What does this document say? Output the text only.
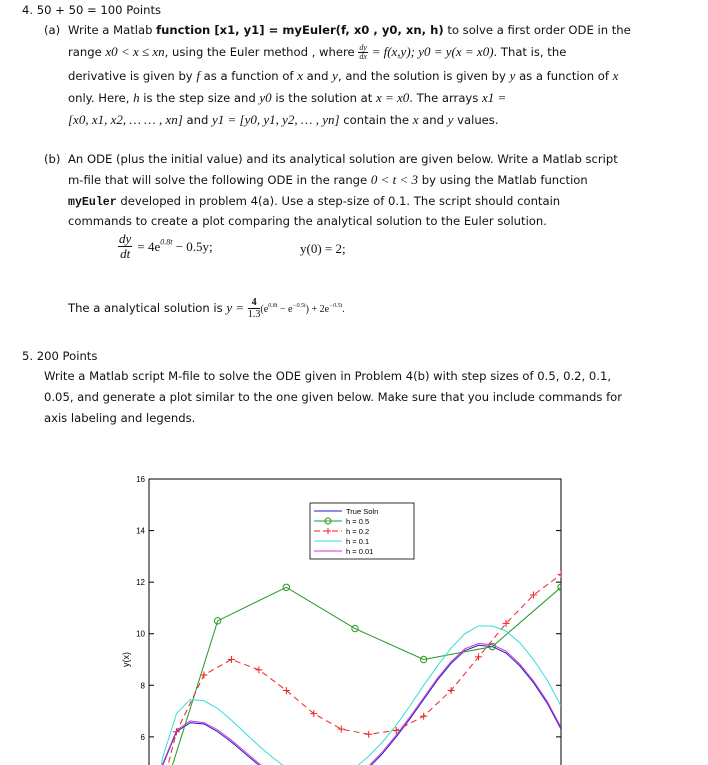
4. 50 + 50 = 100 Points
(a) Write a Matlab function [x1, y1] = myEuler(f, x0 , y0, xn, h) to solve a first order ODE in the
range x0 < x ≤ xn, using the Euler method , where $\frac{dy}{dx} = f(x,y)$; y0 = y(x = x0). That is, the
derivative is given by f as a function of x and y, and the solution is given by y as a function of x
only. Here, h is the step size and y0 is the solution at x = x0. The arrays x1 =
[x0, x1, x2, … … , xn] and y1 = [y0, y1, y2, … , yn] contain the x and y values.
(b) An ODE (plus the initial value) and its analytical solution are given below. Write a Matlab script
m-file that will solve the following ODE in the range 0 < t < 3 by using the Matlab function
myEuler developed in problem 4(a). Use a step-size of 0.1. The script should contain
commands to create a plot comparing the analytical solution to the Euler solution.
$\frac{dy}{dt} = 4e^{0.8t} - 0.5y$;	y(0) = 2;
The a analytical solution is $y = \frac{4}{1.3} (e^{0.8t} - e^{-0.5t}) + 2e^{-0.5t}$.
5. 200 Points
Write a Matlab script M-file to solve the ODE given in Problem 4(b) with step sizes of 0.5, 0.2, 0.1,
0.05, and generate a plot similar to the one given below. Make sure that you include commands for
axis labeling and legends.
6
8
10
12
14
16
y(x)
True Soln
h = 0.5
h = 0.2
h = 0.1
h = 0.01
